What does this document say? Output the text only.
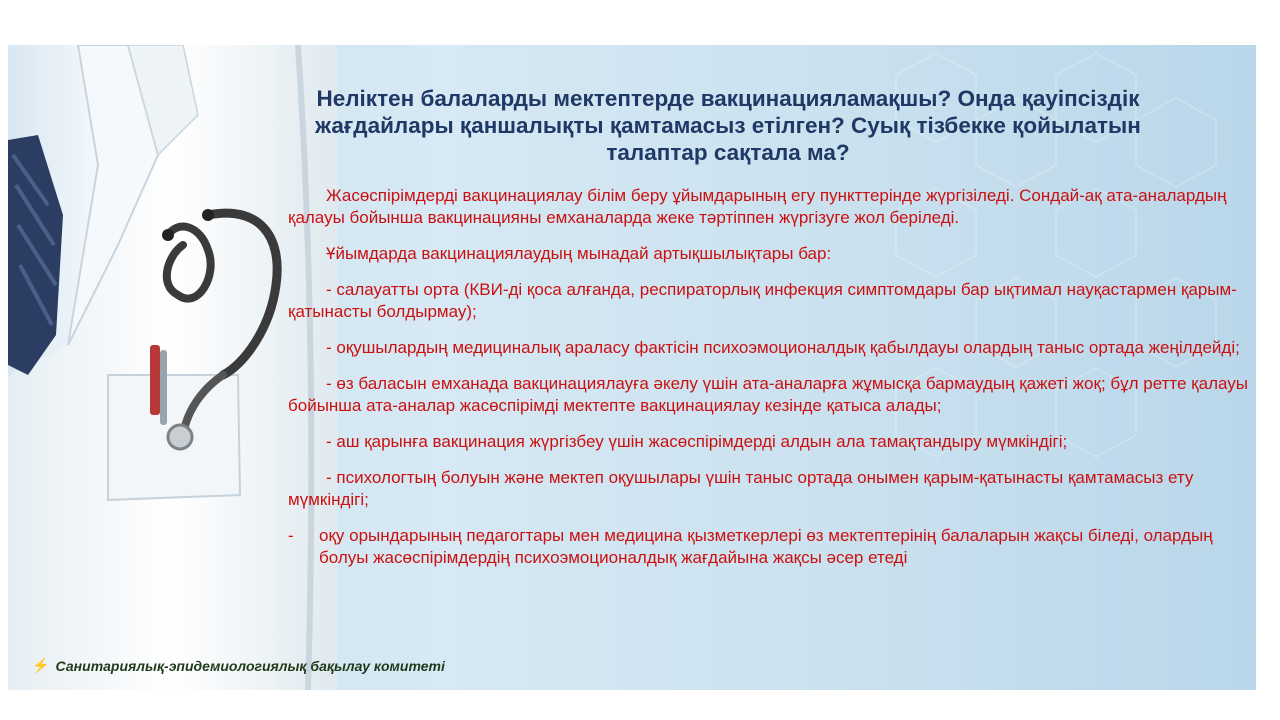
Неліктен балаларды мектептерде вакцинацияламақшы? Онда қауіпсіздік жағдайлары қаншалықты қамтамасыз етілген? Суық тізбекке қойылатын талаптар сақтала ма?

Жасөспірімдерді вакцинациялау білім беру ұйымдарының егу пункттерінде жүргізіледі. Сондай-ақ ата-аналардың қалауы бойынша вакцинацияны емханаларда жеке тәртіппен жүргізуге жол беріледі.

Ұйымдарда вакцинациялаудың мынадай артықшылықтары бар:

- салауатты орта (КВИ-ді қоса алғанда, респираторлық инфекция симптомдары бар ықтимал науқастармен қарым-қатынасты болдырмау);

- оқушылардың медициналық араласу фактісін психоэмоционалдық қабылдауы олардың таныс ортада жеңілдейді;

- өз баласын емханада вакцинациялауға әкелу үшін ата-аналарға жұмысқа бармаудың қажеті жоқ; бұл ретте қалауы бойынша ата-аналар жасөспірімді мектепте вакцинациялау кезінде қатыса алады;

- аш қарынға вакцинация жүргізбеу үшін жасөспірімдерді алдын ала тамақтандыру мүмкіндігі;

- психологтың болуын және мектеп оқушылары үшін таныс ортада онымен қарым-қатынасты қамтамасыз ету мүмкіндігі;

-	оқу орындарының педагогтары мен медицина қызметкерлері өз мектептерінің балаларын жақсы біледі, олардың болуы жасөспірімдердің психоэмоционалдық жағдайына жақсы әсер етеді
⚡ Санитариялық-эпидемиологиялық бақылау комитеті
